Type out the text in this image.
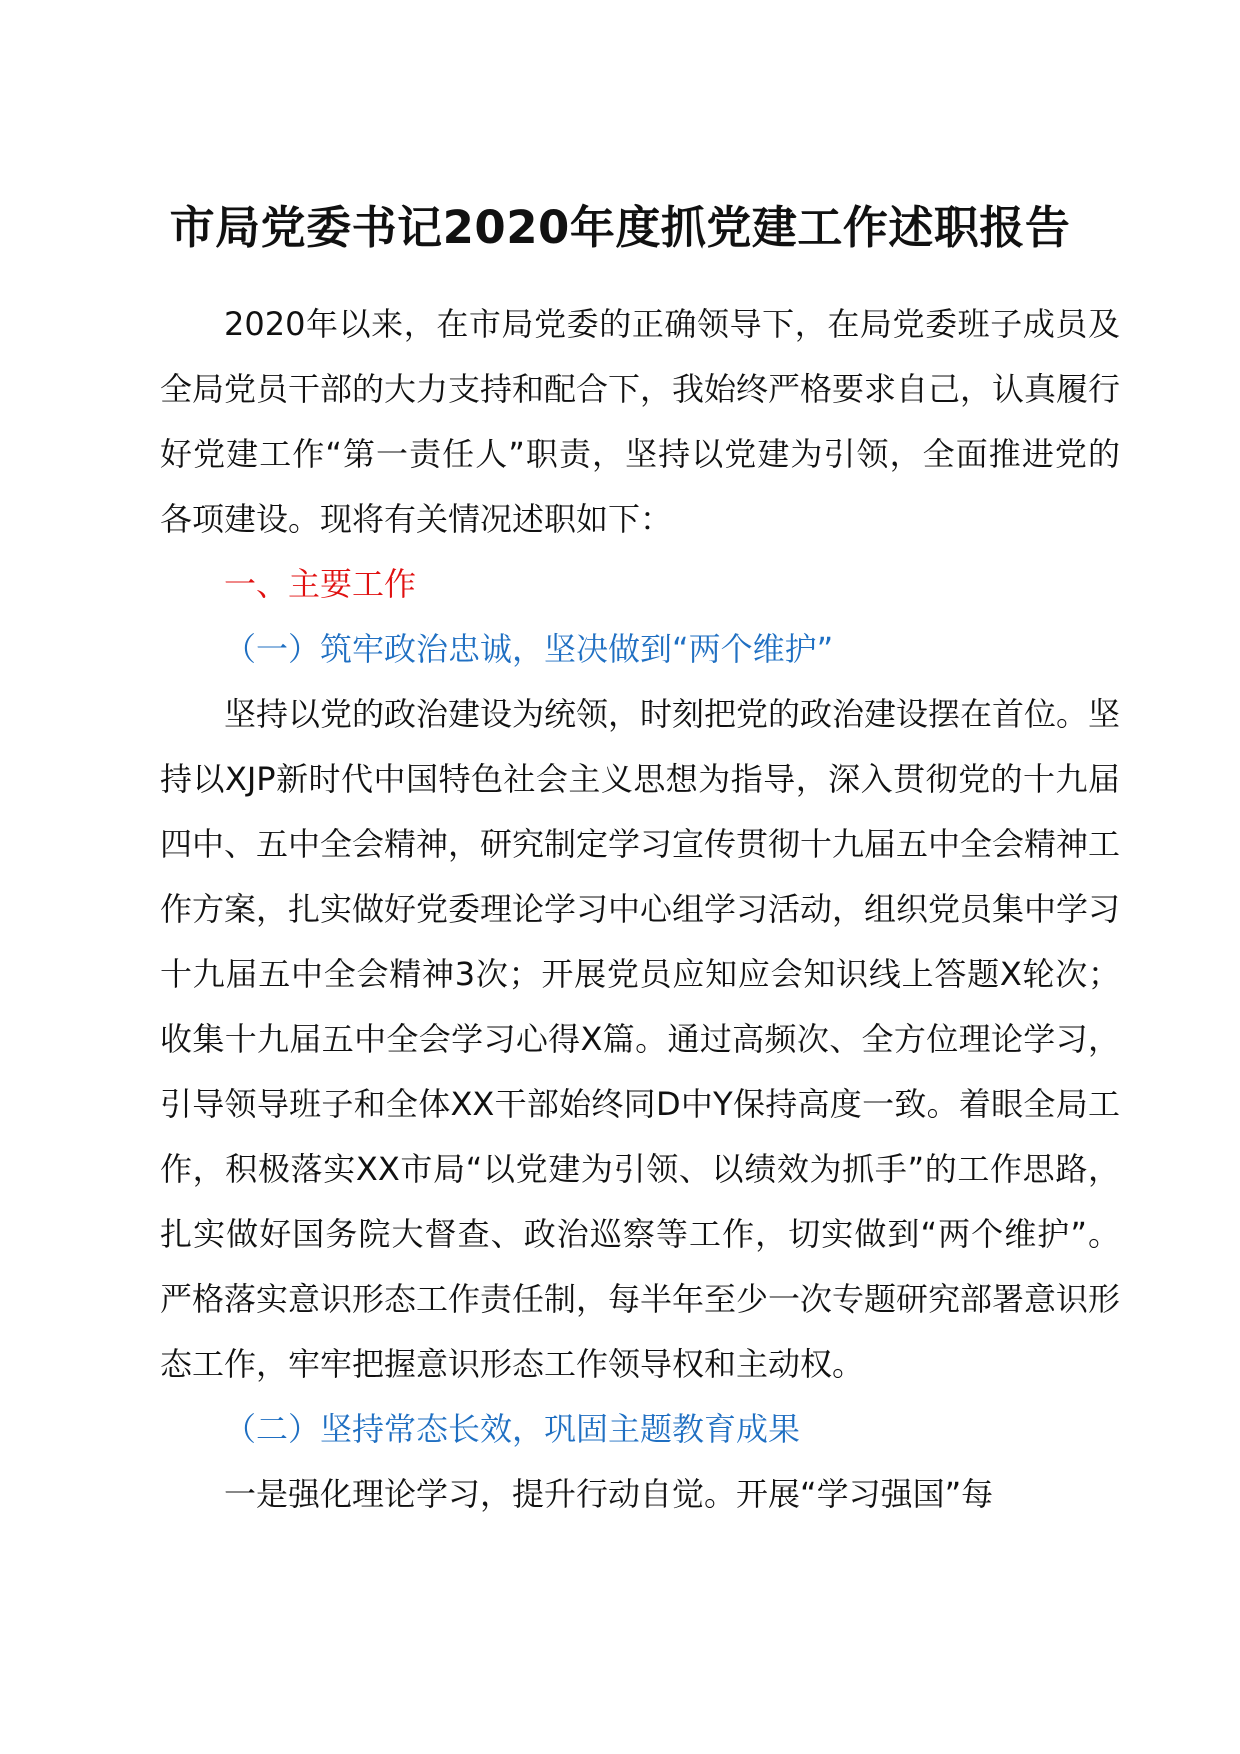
市局党委书记2020年度抓党建工作述职报告

2020年以来，在市局党委的正确领导下，在局党委班子成员及全局党员干部的大力支持和配合下，我始终严格要求自己，认真履行好党建工作“第一责任人”职责，坚持以党建为引领，全面推进党的各项建设。现将有关情况述职如下：

一、主要工作

（一）筑牢政治忠诚，坚决做到“两个维护”

坚持以党的政治建设为统领，时刻把党的政治建设摆在首位。坚持以XJP新时代中国特色社会主义思想为指导，深入贯彻党的十九届四中、五中全会精神，研究制定学习宣传贯彻十九届五中全会精神工作方案，扎实做好党委理论学习中心组学习活动，组织党员集中学习十九届五中全会精神3次；开展党员应知应会知识线上答题X轮次；收集十九届五中全会学习心得X篇。通过高频次、全方位理论学习，引导领导班子和全体XX干部始终同D中Y保持高度一致。着眼全局工作，积极落实XX市局“以党建为引领、以绩效为抓手”的工作思路，扎实做好国务院大督查、政治巡察等工作，切实做到“两个维护”。严格落实意识形态工作责任制，每半年至少一次专题研究部署意识形态工作，牢牢把握意识形态工作领导权和主动权。

（二）坚持常态长效，巩固主题教育成果

一是强化理论学习，提升行动自觉。开展“学习强国”每
